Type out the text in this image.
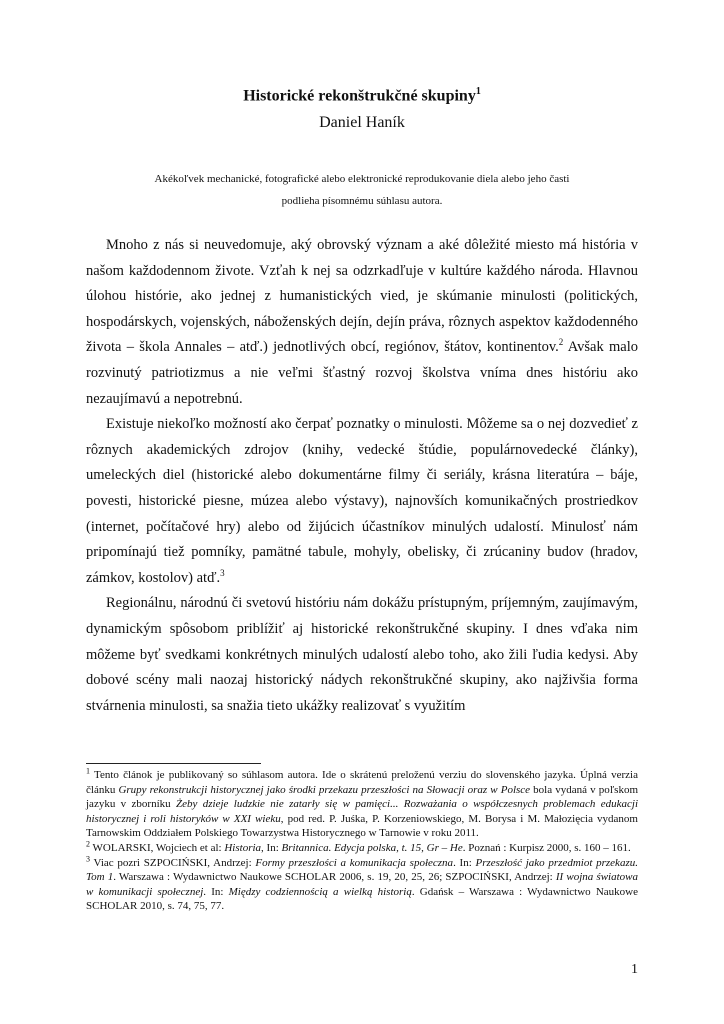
Historické rekonštrukčné skupiny$^1$
Daniel Haník
Akékoľvek mechanické, fotografické alebo elektronické reprodukovanie diela alebo jeho časti podlieha písomnému súhlasu autora.

Mnoho z nás si neuvedomuje, aký obrovský význam a aké dôležité miesto má história v našom každodennom živote. Vzťah k nej sa odzrkadľuje v kultúre každého národa. Hlavnou úlohou histórie, ako jednej z humanistických vied, je skúmanie minulosti (politických, hospodárskych, vojenských, náboženských dejín, dejín práva, rôznych aspektov každodenného života – škola Annales – atď.) jednotlivých obcí, regiónov, štátov, kontinentov.$^2$ Avšak malo rozvinutý patriotizmus a nie veľmi šťastný rozvoj školstva vníma dnes históriu ako nezaujímavú a nepotrebnú.

Existuje niekoľko možností ako čerpať poznatky o minulosti. Môžeme sa o nej dozvedieť z rôznych akademických zdrojov (knihy, vedecké štúdie, populárnovedecké články), umeleckých diel (historické alebo dokumentárne filmy či seriály, krásna literatúra – báje, povesti, historické piesne, múzea alebo výstavy), najnovších komunikačných prostriedkov (internet, počítačové hry) alebo od žijúcich účastníkov minulých udalostí. Minulosť nám pripomínajú tiež pomníky, pamätné tabule, mohyly, obelisky, či zrúcaniny budov (hradov, zámkov, kostolov) atď.$^3$

Regionálnu, národnú či svetovú históriu nám dokážu prístupným, príjemným, zaujímavým, dynamickým spôsobom priblížiť aj historické rekonštrukčné skupiny. I dnes vďaka nim môžeme byť svedkami konkrétnych minulých udalostí alebo toho, ako žili ľudia kedysi. Aby dobové scény mali naozaj historický nádych rekonštrukčné skupiny, ako najživšia forma stvárnenia minulosti, sa snažia tieto ukážky realizovať s využitím

$^1$ Tento článok je publikovaný so súhlasom autora. Ide o skrátenú preloženú verziu do slovenského jazyka. Úplná verzia článku Grupy rekonstrukcji historycznej jako środki przekazu przeszłości na Słowacji oraz w Polsce bola vydaná v poľskom jazyku v zborníku Żeby dzieje ludzkie nie zatarły się w pamięci... Rozważania o współczesnych problemach edukacji historycznej i roli historyków w XXI wieku, pod red. P. Juśka, P. Korzeniowskiego, M. Borysa i M. Małozięcia vydanom Tarnowskim Oddziałem Polskiego Towarzystwa Historycznego w Tarnowie v roku 2011.

$^2$ WOLARSKI, Wojciech et al: Historia, In: Britannica. Edycja polska, t. 15, Gr – He. Poznań : Kurpisz 2000, s. 160 – 161.

$^3$ Viac pozri SZPOCIŃSKI, Andrzej: Formy przeszłości a komunikacja społeczna. In: Przeszłość jako przedmiot przekazu. Tom 1. Warszawa : Wydawnictwo Naukowe SCHOLAR 2006, s. 19, 20, 25, 26; SZPOCIŃSKI, Andrzej: II wojna światowa w komunikacji społecznej. In: Między codziennością a wielką historią. Gdańsk – Warszawa : Wydawnictwo Naukowe SCHOLAR 2010, s. 74, 75, 77.

1
